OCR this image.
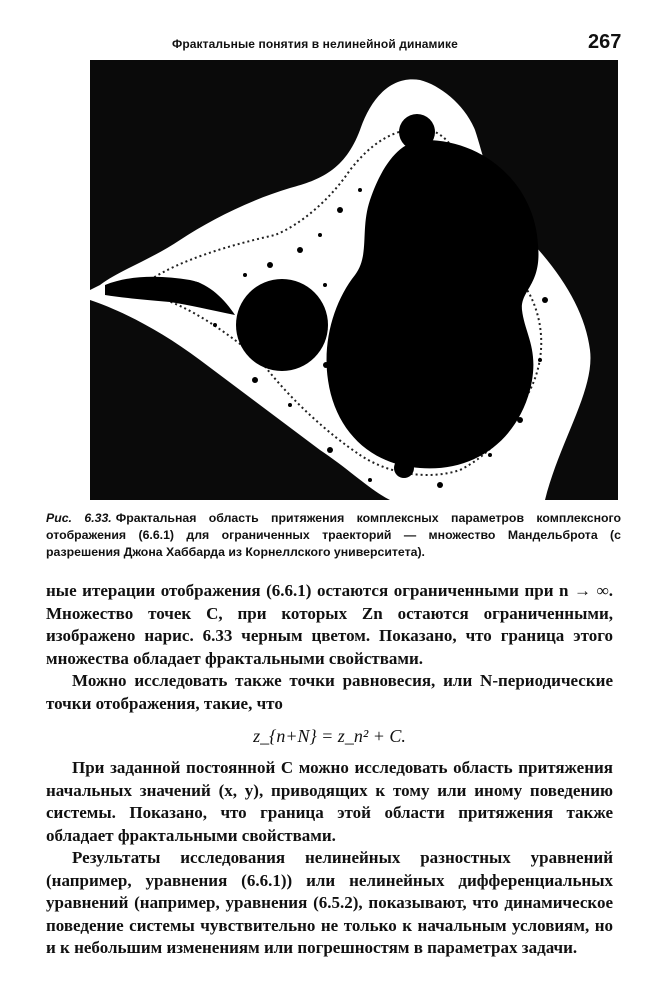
Фрактальные понятия в нелинейной динамике	267
Рис. 6.33. Фрактальная область притяжения комплексных параметров комплексного отображения (6.6.1) для ограниченных траекторий — множество Мандельброта (с разрешения Джона Хаббарда из Корнеллского университета).

ные итерации отображения (6.6.1) остаются ограниченными при n → ∞. Множество точек C, при которых Zn остаются ограниченными, изображено нарис. 6.33 черным цветом. Показано, что граница этого множества обладает фрактальными свойствами.

Можно исследовать также точки равновесия, или N-периодические точки отображения, такие, что

z_{n+N} = z_n² + C.

При заданной постоянной C можно исследовать область притяжения начальных значений (x, y), приводящих к тому или иному поведению системы. Показано, что граница этой области притяжения также обладает фрактальными свойствами.

Результаты исследования нелинейных разностных уравнений (например, уравнения (6.6.1)) или нелинейных дифференциальных уравнений (например, уравнения (6.5.2), показывают, что динамическое поведение системы чувствительно не только к начальным условиям, но и к небольшим изменениям или погрешностям в параметрах задачи.
